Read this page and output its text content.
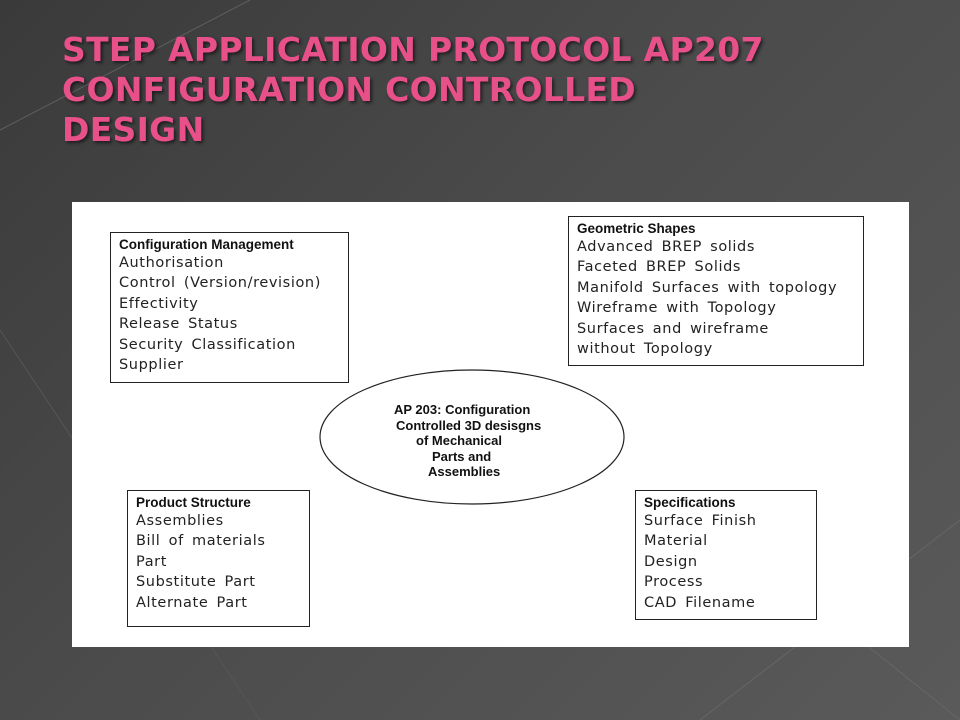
STEP APPLICATION PROTOCOL AP207
CONFIGURATION CONTROLLED
DESIGN
Configuration Management
Authorisation
Control (Version/revision)
Effectivity
Release Status
Security Classification
Supplier
Geometric Shapes
Advanced BREP solids
Faceted BREP Solids
Manifold Surfaces with topology
Wireframe with Topology
Surfaces and wireframe
without Topology
AP 203: Configuration
Controlled 3D desisgns
of Mechanical
Parts and
Assemblies
Product Structure
Assemblies
Bill of materials
Part
Substitute Part
Alternate Part
Specifications
Surface Finish
Material
Design
Process
CAD Filename
